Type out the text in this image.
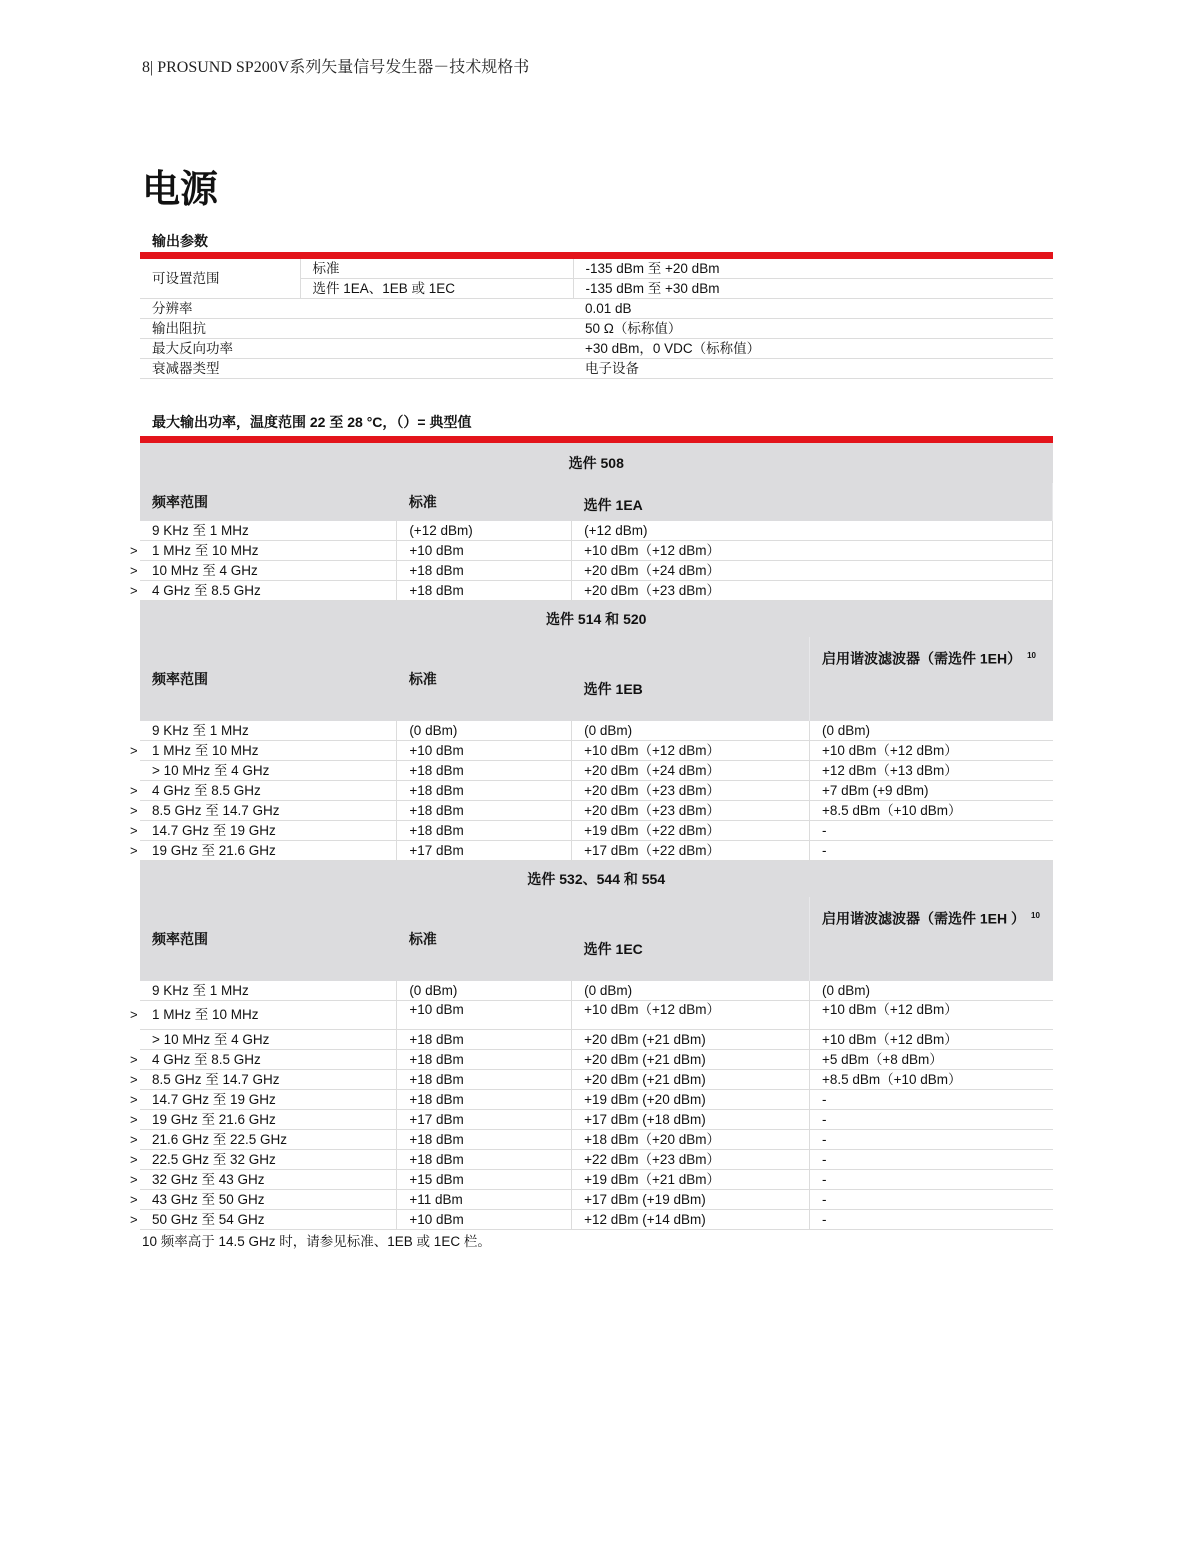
8| PROSUND SP200V系列矢量信号发生器－技术规格书
电源
输出参数
可设置范围	标准	-135 dBm 至 +20 dBm
	选件 1EA、1EB 或 1EC	-135 dBm 至 +30 dBm
分辨率		0.01 dB
输出阻抗		50 Ω（标称值）
最大反向功率		+30 dBm，0 VDC（标称值）
衰减器类型		电子设备
最大输出功率，温度范围 22 至 28 °C，（）= 典型值
选件 508			
频率范围	标准	选件 1EA	
9 KHz 至 1 MHz	(+12 dBm)	(+12 dBm)	

> 1 MHz 至 10 MHz	+10 dBm	+10 dBm（+12 dBm）	

> 10 MHz 至 4 GHz	+18 dBm	+20 dBm（+24 dBm）	

> 4 GHz 至 8.5 GHz	+18 dBm	+20 dBm（+23 dBm）	
选件 514 和 520			
频率范围	标准	选件 1EB	启用谐波滤波器（需选件 1EH） $^{10}$
9 KHz 至 1 MHz	(0 dBm)	(0 dBm)	(0 dBm)

> 1 MHz 至 10 MHz	+10 dBm	+10 dBm（+12 dBm）	+10 dBm（+12 dBm）
> 10 MHz 至 4 GHz	+18 dBm	+20 dBm（+24 dBm）	+12 dBm（+13 dBm）

> 4 GHz 至 8.5 GHz	+18 dBm	+20 dBm（+23 dBm）	+7 dBm (+9 dBm)

> 8.5 GHz 至 14.7 GHz	+18 dBm	+20 dBm（+23 dBm）	+8.5 dBm（+10 dBm）

> 14.7 GHz 至 19 GHz	+18 dBm	+19 dBm（+22 dBm）	-

> 19 GHz 至 21.6 GHz	+17 dBm	+17 dBm（+22 dBm）	-
选件 532、544 和 554			
频率范围	标准	选件 1EC	启用谐波滤波器（需选件 1EH ） $^{10}$
9 KHz 至 1 MHz	(0 dBm)	(0 dBm)	(0 dBm)

> 1 MHz 至 10 MHz	+10 dBm	+10 dBm（+12 dBm）	+10 dBm（+12 dBm）
> 10 MHz 至 4 GHz	+18 dBm	+20 dBm (+21 dBm)	+10 dBm（+12 dBm）

> 4 GHz 至 8.5 GHz	+18 dBm	+20 dBm (+21 dBm)	+5 dBm（+8 dBm）

> 8.5 GHz 至 14.7 GHz	+18 dBm	+20 dBm (+21 dBm)	+8.5 dBm（+10 dBm）

> 14.7 GHz 至 19 GHz	+18 dBm	+19 dBm (+20 dBm)	-

> 19 GHz 至 21.6 GHz	+17 dBm	+17 dBm (+18 dBm)	-

> 21.6 GHz 至 22.5 GHz	+18 dBm	+18 dBm（+20 dBm）	-

> 22.5 GHz 至 32 GHz	+18 dBm	+22 dBm（+23 dBm）	-

> 32 GHz 至 43 GHz	+15 dBm	+19 dBm（+21 dBm）	-

> 43 GHz 至 50 GHz	+11 dBm	+17 dBm (+19 dBm)	-

> 50 GHz 至 54 GHz	+10 dBm	+12 dBm (+14 dBm)	-
10 频率高于 14.5 GHz 时，请参见标准、1EB 或 1EC 栏。
